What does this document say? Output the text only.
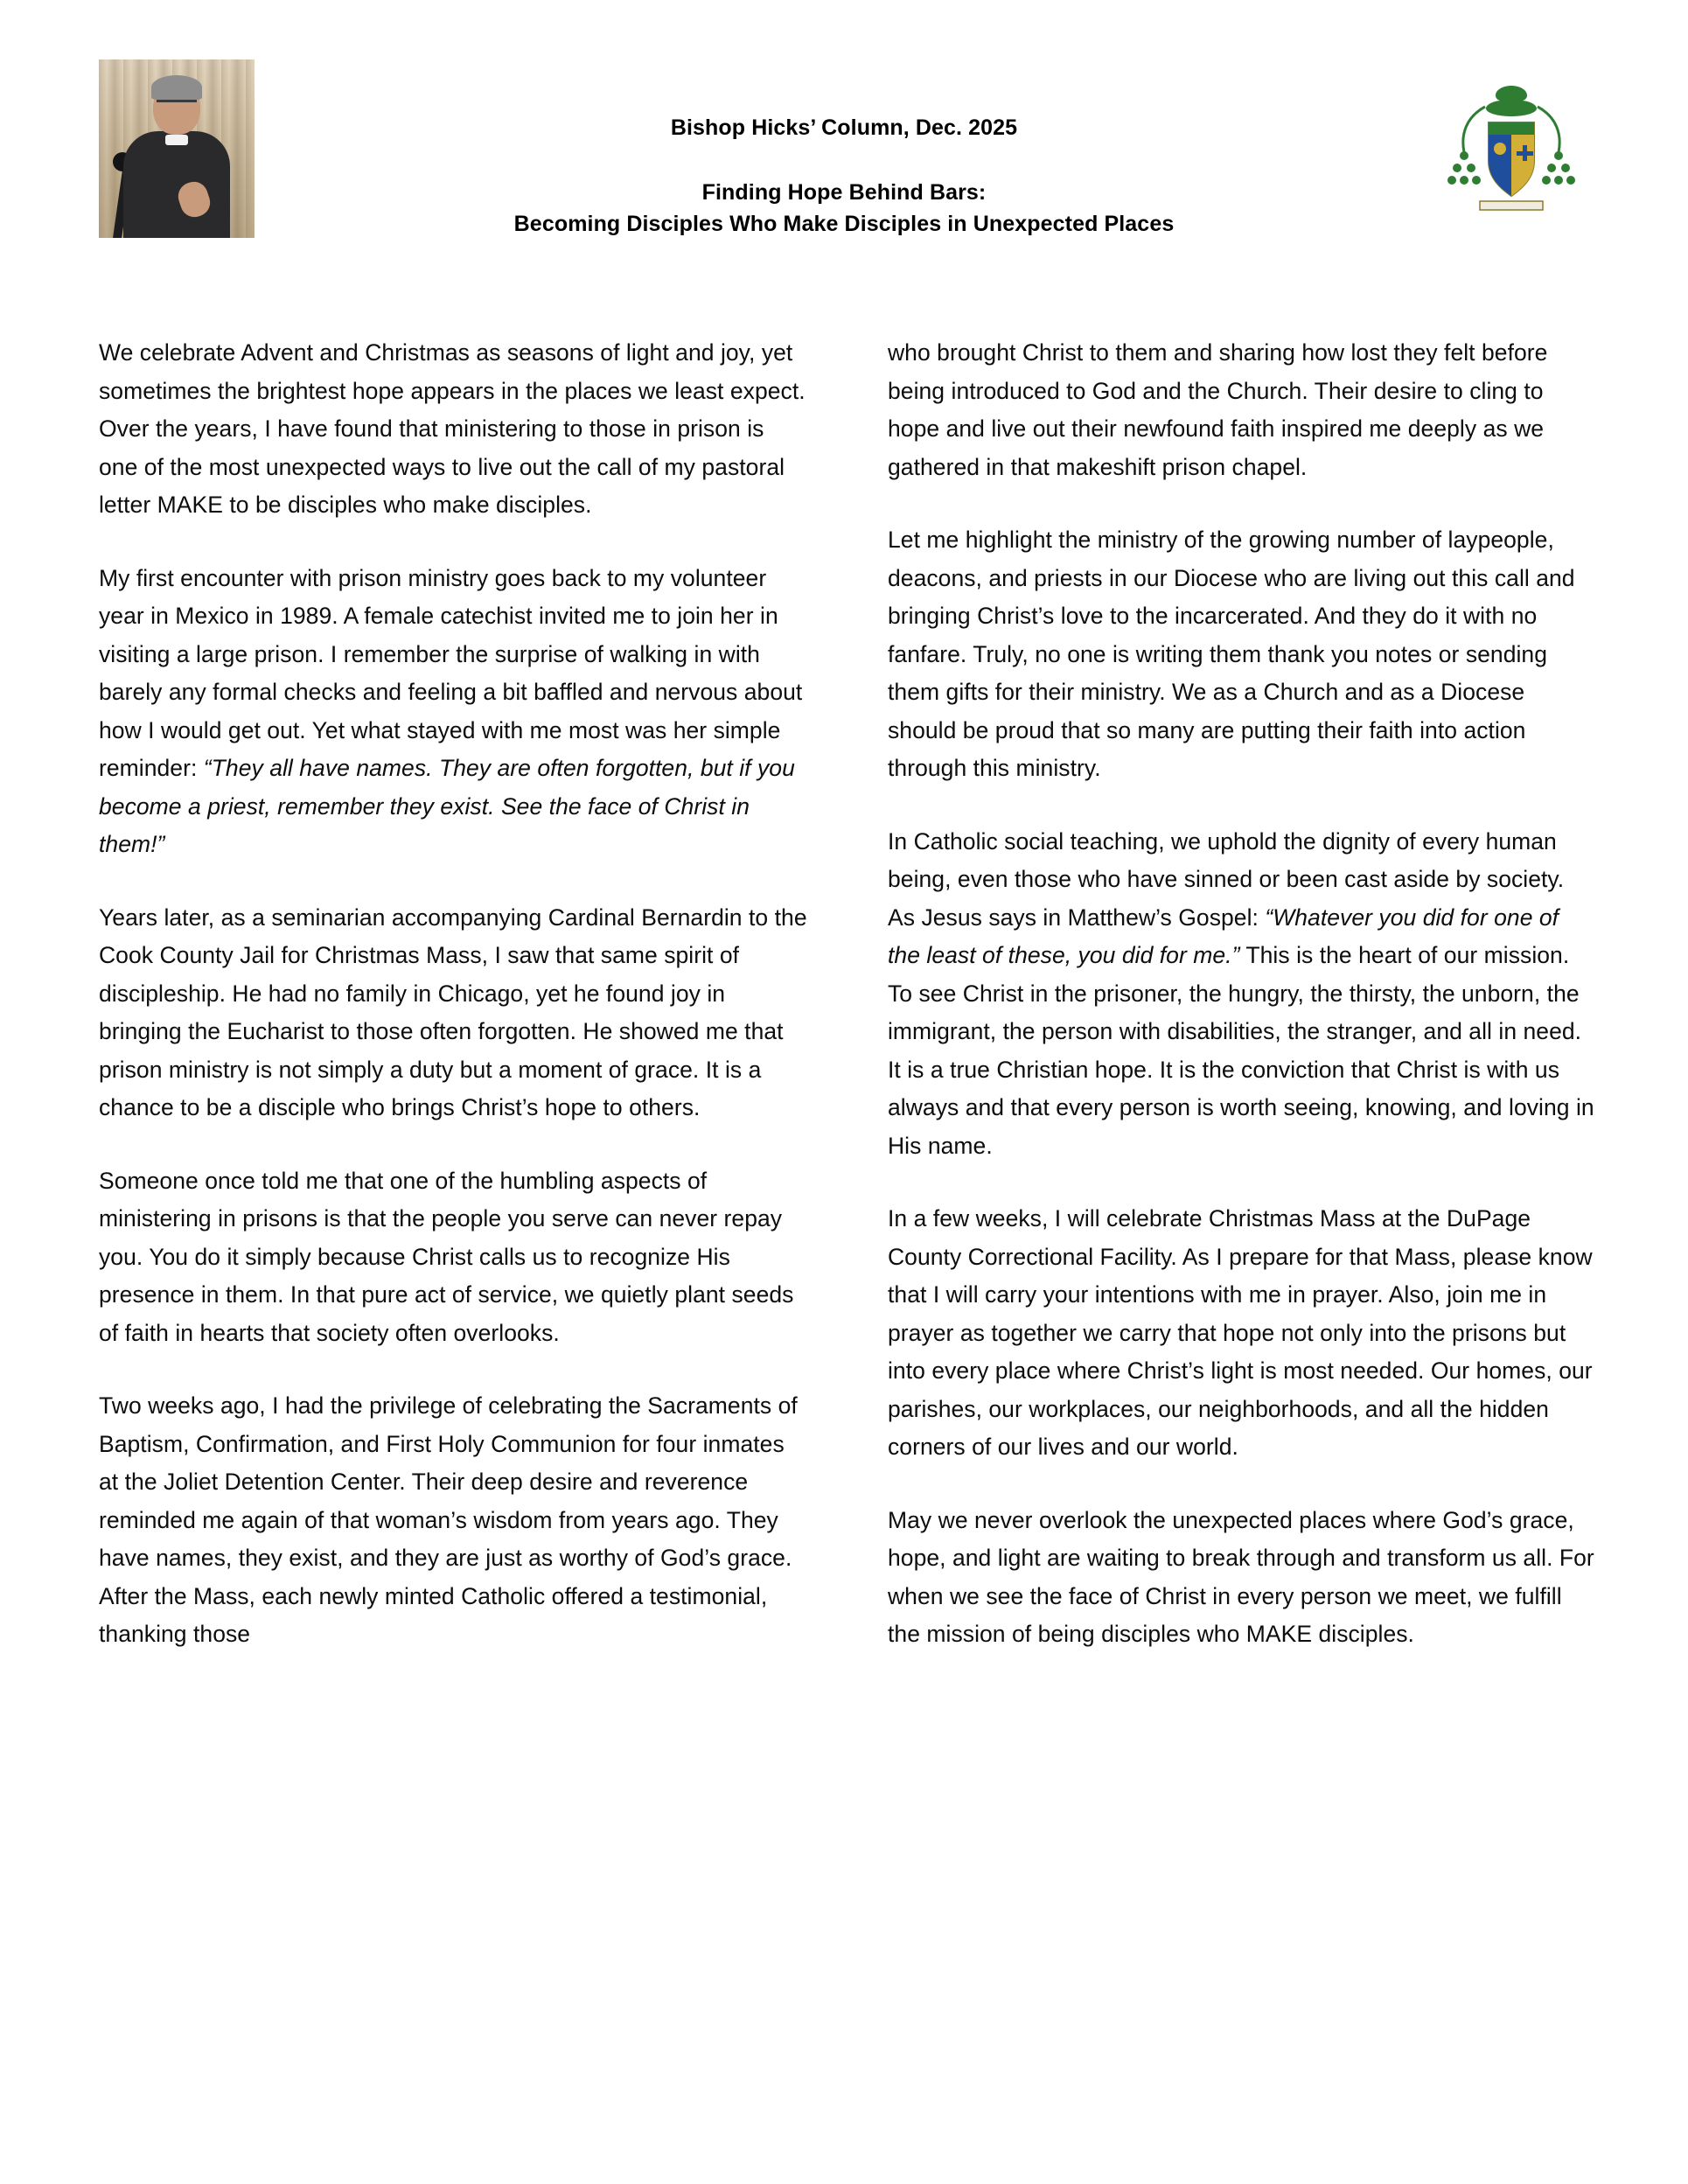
Bishop Hicks’ Column, Dec. 2025
Finding Hope Behind Bars:
Becoming Disciples Who Make Disciples in Unexpected Places

We celebrate Advent and Christmas as seasons of light and joy, yet sometimes the brightest hope appears in the places we least expect. Over the years, I have found that ministering to those in prison is one of the most unexpected ways to live out the call of my pastoral letter MAKE to be disciples who make disciples.

My first encounter with prison ministry goes back to my volunteer year in Mexico in 1989. A female catechist invited me to join her in visiting a large prison. I remember the surprise of walking in with barely any formal checks and feeling a bit baffled and nervous about how I would get out. Yet what stayed with me most was her simple reminder: “They all have names. They are often forgotten, but if you become a priest, remember they exist. See the face of Christ in them!”

Years later, as a seminarian accompanying Cardinal Bernardin to the Cook County Jail for Christmas Mass, I saw that same spirit of discipleship. He had no family in Chicago, yet he found joy in bringing the Eucharist to those often forgotten. He showed me that prison ministry is not simply a duty but a moment of grace. It is a chance to be a disciple who brings Christ’s hope to others.

Someone once told me that one of the humbling aspects of ministering in prisons is that the people you serve can never repay you. You do it simply because Christ calls us to recognize His presence in them. In that pure act of service, we quietly plant seeds of faith in hearts that society often overlooks.

Two weeks ago, I had the privilege of celebrating the Sacraments of Baptism, Confirmation, and First Holy Communion for four inmates at the Joliet Detention Center. Their deep desire and reverence reminded me again of that woman’s wisdom from years ago. They have names, they exist, and they are just as worthy of God’s grace. After the Mass, each newly minted Catholic offered a testimonial, thanking those

who brought Christ to them and sharing how lost they felt before being introduced to God and the Church. Their desire to cling to hope and live out their newfound faith inspired me deeply as we gathered in that makeshift prison chapel.

Let me highlight the ministry of the growing number of laypeople, deacons, and priests in our Diocese who are living out this call and bringing Christ’s love to the incarcerated. And they do it with no fanfare. Truly, no one is writing them thank you notes or sending them gifts for their ministry. We as a Church and as a Diocese should be proud that so many are putting their faith into action through this ministry.

In Catholic social teaching, we uphold the dignity of every human being, even those who have sinned or been cast aside by society. As Jesus says in Matthew’s Gospel: “Whatever you did for one of the least of these, you did for me.” This is the heart of our mission. To see Christ in the prisoner, the hungry, the thirsty, the unborn, the immigrant, the person with disabilities, the stranger, and all in need. It is a true Christian hope. It is the conviction that Christ is with us always and that every person is worth seeing, knowing, and loving in His name.

In a few weeks, I will celebrate Christmas Mass at the DuPage County Correctional Facility. As I prepare for that Mass, please know that I will carry your intentions with me in prayer. Also, join me in prayer as together we carry that hope not only into the prisons but into every place where Christ’s light is most needed. Our homes, our parishes, our workplaces, our neighborhoods, and all the hidden corners of our lives and our world.

May we never overlook the unexpected places where God’s grace, hope, and light are waiting to break through and transform us all. For when we see the face of Christ in every person we meet, we fulfill the mission of being disciples who MAKE disciples.
